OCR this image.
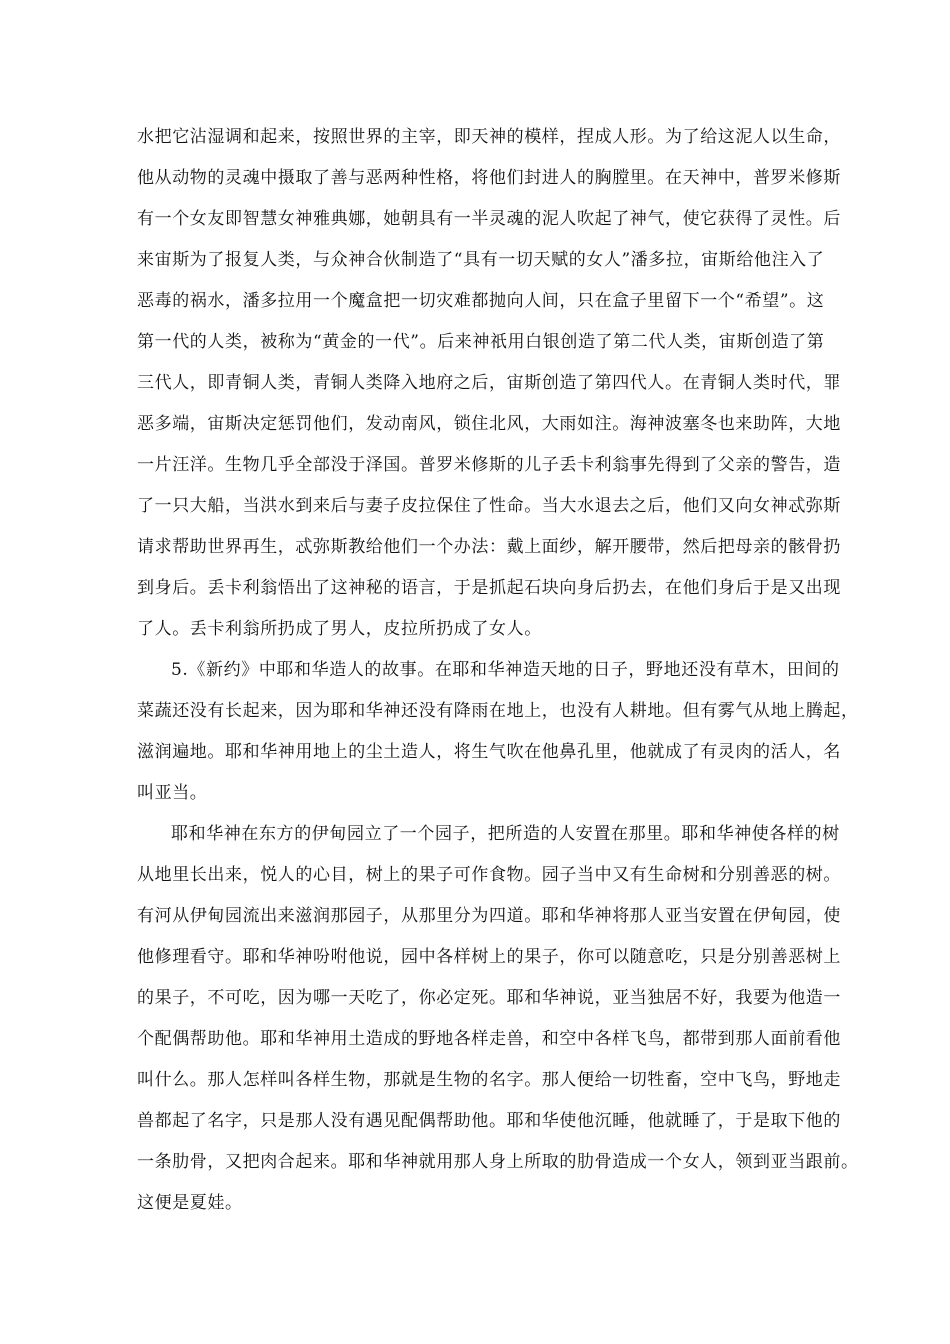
水把它沾湿调和起来，按照世界的主宰，即天神的模样，捏成人形。为了给这泥人以生命，
他从动物的灵魂中摄取了善与恶两种性格，将他们封进人的胸膛里。在天神中，普罗米修斯
有一个女友即智慧女神雅典娜，她朝具有一半灵魂的泥人吹起了神气，使它获得了灵性。后
来宙斯为了报复人类，与众神合伙制造了“具有一切天赋的女人”潘多拉，宙斯给他注入了
恶毒的祸水，潘多拉用一个魔盒把一切灾难都抛向人间，只在盒子里留下一个“希望”。这
第一代的人类，被称为“黄金的一代”。后来神祇用白银创造了第二代人类，宙斯创造了第
三代人，即青铜人类，青铜人类降入地府之后，宙斯创造了第四代人。在青铜人类时代，罪
恶多端，宙斯决定惩罚他们，发动南风，锁住北风，大雨如注。海神波塞冬也来助阵，大地
一片汪洋。生物几乎全部没于泽国。普罗米修斯的儿子丢卡利翁事先得到了父亲的警告，造
了一只大船，当洪水到来后与妻子皮拉保住了性命。当大水退去之后，他们又向女神忒弥斯
请求帮助世界再生，忒弥斯教给他们一个办法：戴上面纱，解开腰带，然后把母亲的骸骨扔
到身后。丢卡利翁悟出了这神秘的语言，于是抓起石块向身后扔去，在他们身后于是又出现
了人。丢卡利翁所扔成了男人，皮拉所扔成了女人。
5.《新约》中耶和华造人的故事。在耶和华神造天地的日子，野地还没有草木，田间的
菜蔬还没有长起来，因为耶和华神还没有降雨在地上，也没有人耕地。但有雾气从地上腾起，
滋润遍地。耶和华神用地上的尘土造人，将生气吹在他鼻孔里，他就成了有灵肉的活人，名
叫亚当。
耶和华神在东方的伊甸园立了一个园子，把所造的人安置在那里。耶和华神使各样的树
从地里长出来，悦人的心目，树上的果子可作食物。园子当中又有生命树和分别善恶的树。
有河从伊甸园流出来滋润那园子，从那里分为四道。耶和华神将那人亚当安置在伊甸园，使
他修理看守。耶和华神吩咐他说，园中各样树上的果子，你可以随意吃，只是分别善恶树上
的果子，不可吃，因为哪一天吃了，你必定死。耶和华神说，亚当独居不好，我要为他造一
个配偶帮助他。耶和华神用土造成的野地各样走兽，和空中各样飞鸟，都带到那人面前看他
叫什么。那人怎样叫各样生物，那就是生物的名字。那人便给一切牲畜，空中飞鸟，野地走
兽都起了名字，只是那人没有遇见配偶帮助他。耶和华使他沉睡，他就睡了，于是取下他的
一条肋骨，又把肉合起来。耶和华神就用那人身上所取的肋骨造成一个女人，领到亚当跟前。
这便是夏娃。
